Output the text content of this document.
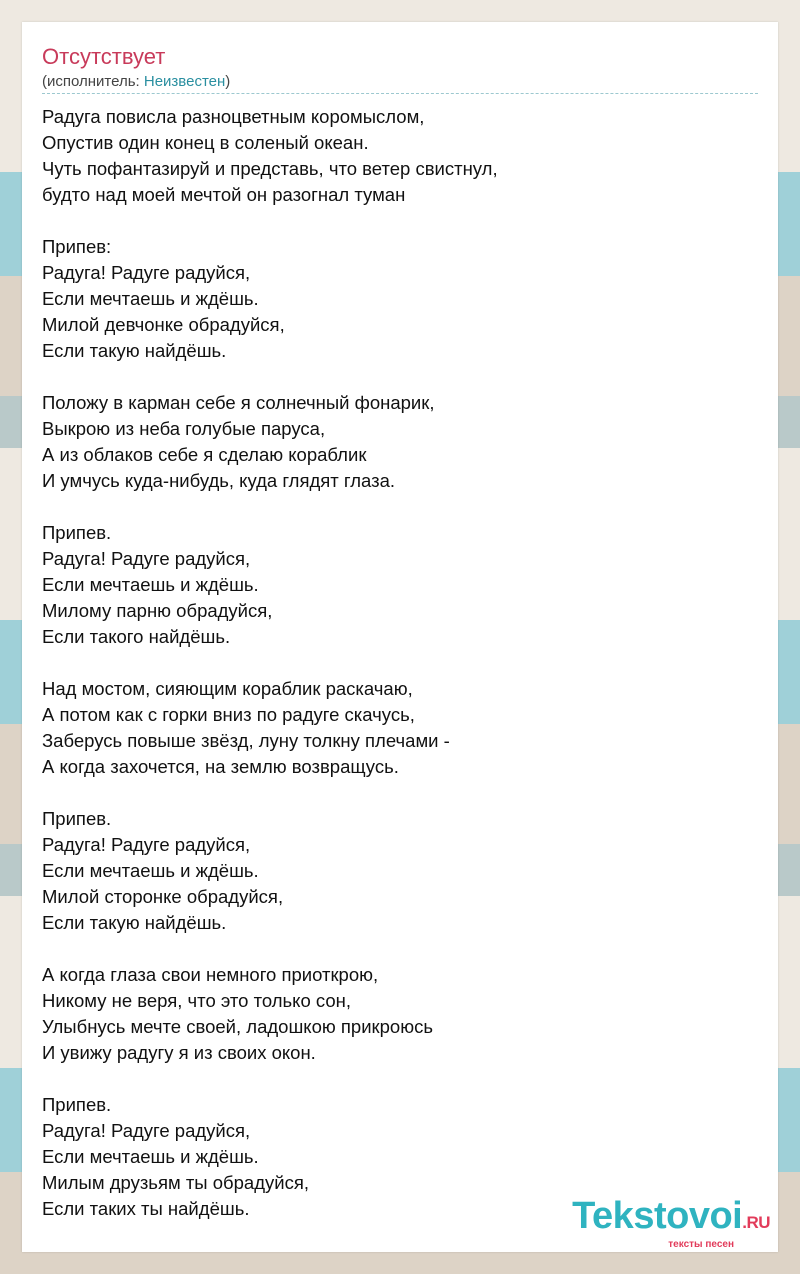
Отсутствует
(исполнитель: Неизвестен)
Радуга повисла разноцветным коромыслом,
Опустив один конец в соленый океан.
Чуть пофантазируй и представь, что ветер свистнул,
будто над моей мечтой он разогнал туман
Припев:
Радуга! Радуге радуйся,
Если мечтаешь и ждёшь.
Милой девчонке обрадуйся,
Если такую найдёшь.
Положу в карман себе я солнечный фонарик,
Выкрою из неба голубые паруса,
А из облаков себе я сделаю кораблик
И умчусь куда-нибудь, куда глядят глаза.
Припев.
Радуга! Радуге радуйся,
Если мечтаешь и ждёшь.
Милому парню обрадуйся,
Если такого найдёшь.
Над мостом, сияющим кораблик раскачаю,
А потом как с горки вниз по радуге скачусь,
Заберусь повыше звёзд, луну толкну плечами -
А когда захочется, на землю возвращусь.
Припев.
Радуга! Радуге радуйся,
Если мечтаешь и ждёшь.
Милой сторонке обрадуйся,
Если такую найдёшь.
А когда глаза свои немного приоткрою,
Никому не веря, что это только сон,
Улыбнусь мечте своей, ладошкою прикроюсь
И увижу радугу я из своих окон.
Припев.
Радуга! Радуге радуйся,
Если мечтаешь и ждёшь.
Милым друзьям ты обрадуйся,
Если таких ты найдёшь.	Tekstovoi.RU
тексты песен
